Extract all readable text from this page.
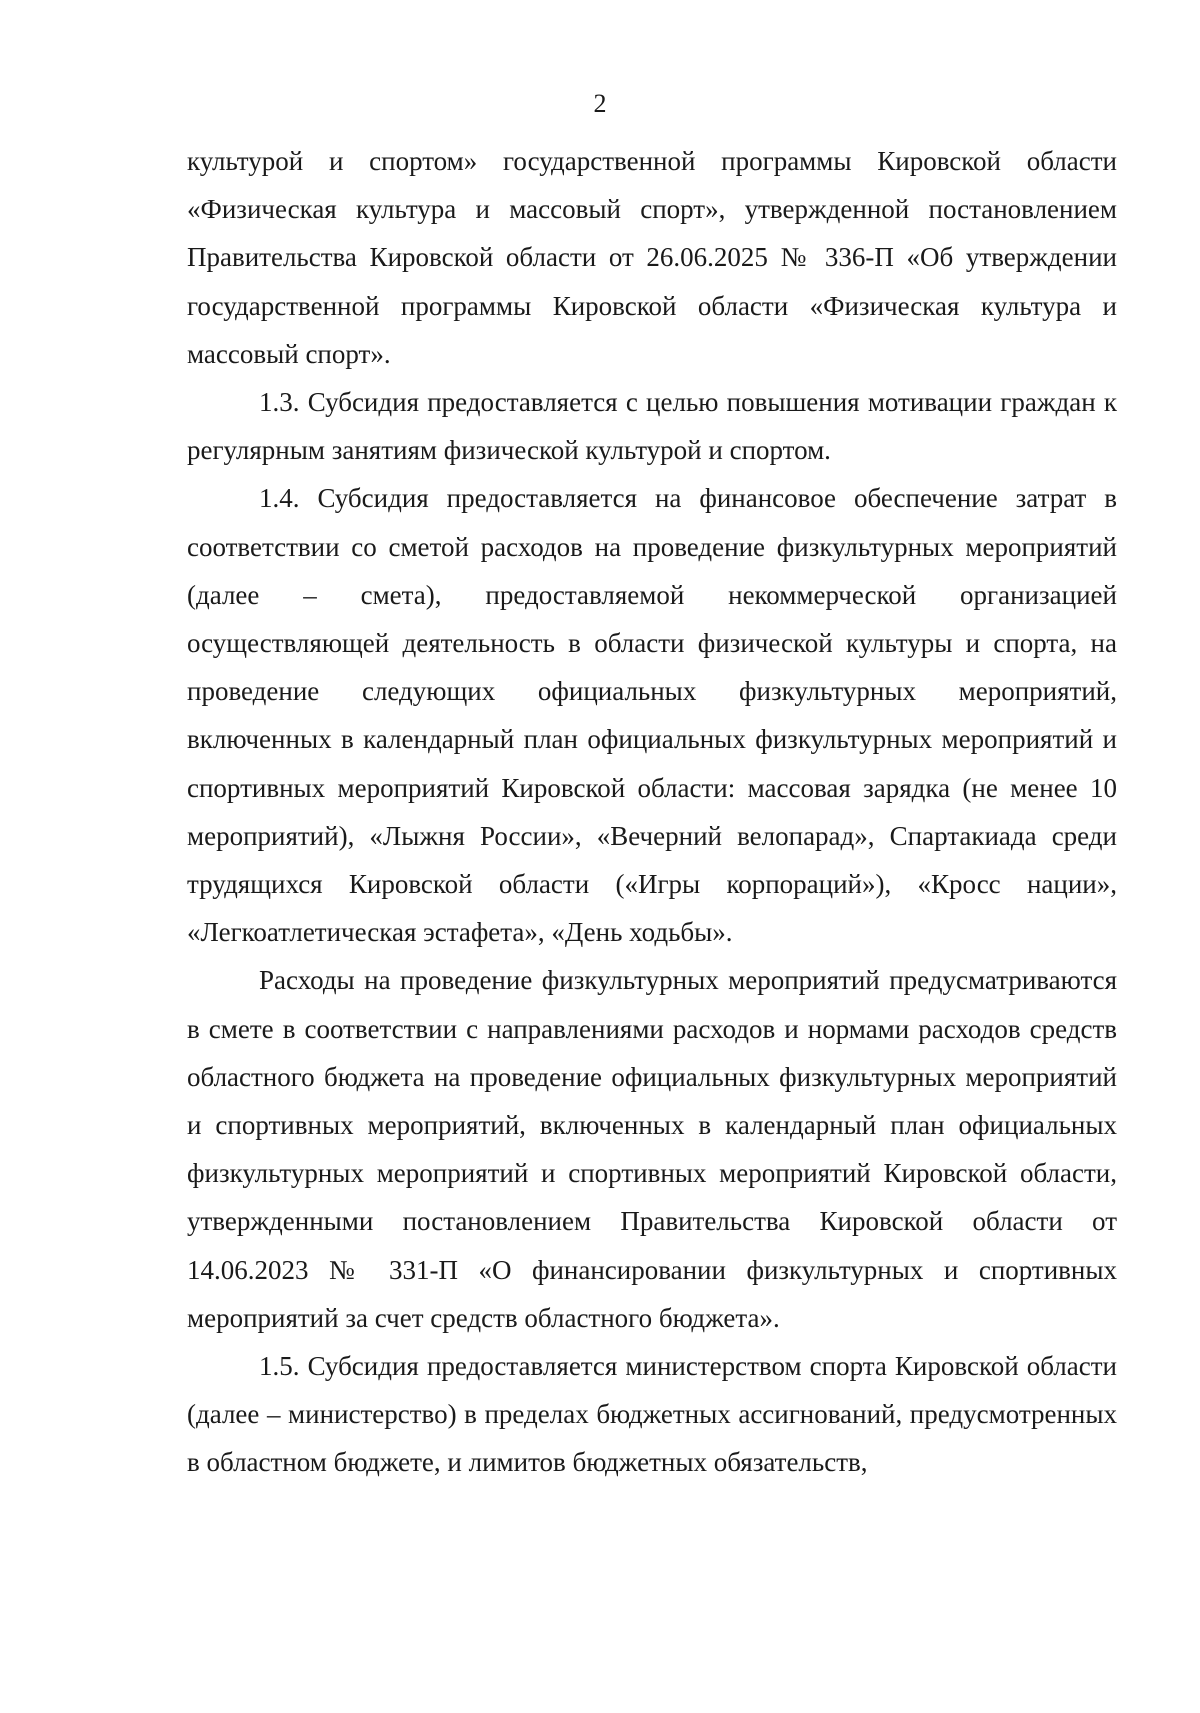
2

культурой и спортом» государственной программы Кировской области «Физическая культура и массовый спорт», утвержденной постановлением Правительства Кировской области от 26.06.2025 № 336-П «Об утверждении государственной программы Кировской области «Физическая культура и массовый спорт».

1.3. Субсидия предоставляется с целью повышения мотивации граждан к регулярным занятиям физической культурой и спортом.

1.4. Субсидия предоставляется на финансовое обеспечение затрат в соответствии со сметой расходов на проведение физкультурных мероприятий (далее – смета), предоставляемой некоммерческой организацией осуществляющей деятельность в области физической культуры и спорта, на проведение следующих официальных физкультурных мероприятий, включенных в календарный план официальных физкультурных мероприятий и спортивных мероприятий Кировской области: массовая зарядка (не менее 10 мероприятий), «Лыжня России», «Вечерний велопарад», Спартакиада среди трудящихся Кировской области («Игры корпораций»), «Кросс нации», «Легкоатлетическая эстафета», «День ходьбы».

Расходы на проведение физкультурных мероприятий предусматриваются в смете в соответствии с направлениями расходов и нормами расходов средств областного бюджета на проведение официальных физкультурных мероприятий и спортивных мероприятий, включенных в календарный план официальных физкультурных мероприятий и спортивных мероприятий Кировской области, утвержденными постановлением Правительства Кировской области от 14.06.2023 № 331-П «О финансировании физкультурных и спортивных мероприятий за счет средств областного бюджета».

1.5. Субсидия предоставляется министерством спорта Кировской области (далее – министерство) в пределах бюджетных ассигнований, предусмотренных в областном бюджете, и лимитов бюджетных обязательств,
